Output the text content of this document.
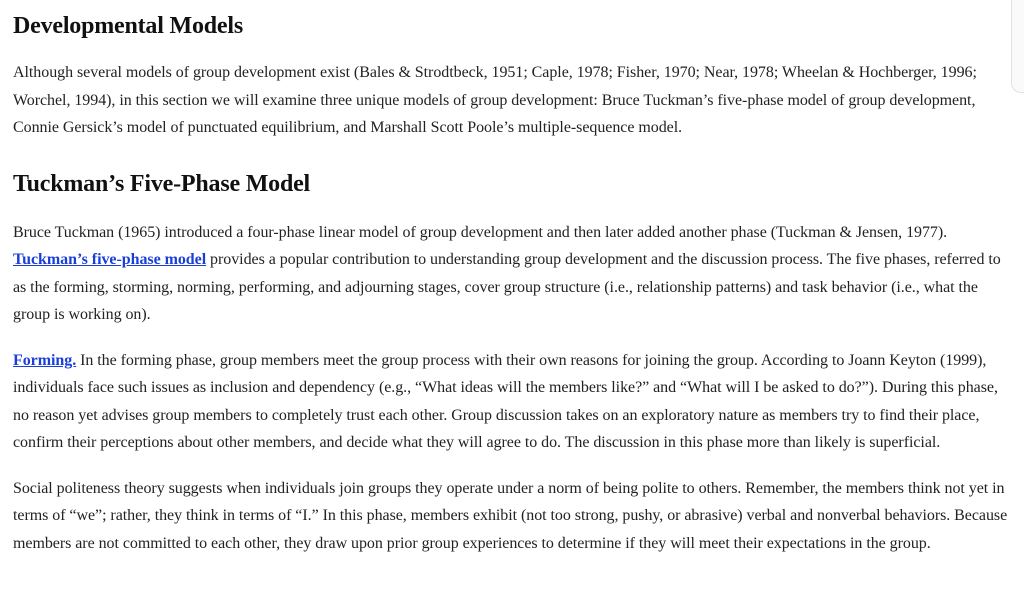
Developmental Models

Although several models of group development exist (Bales & Strodtbeck, 1951; Caple, 1978; Fisher, 1970; Near, 1978; Wheelan & Hochberger, 1996; Worchel, 1994), in this section we will examine three unique models of group development: Bruce Tuckman’s five-phase model of group development, Connie Gersick’s model of punctuated equilibrium, and Marshall Scott Poole’s multiple-sequence model.

Tuckman’s Five-Phase Model

Bruce Tuckman (1965) introduced a four-phase linear model of group development and then later added another phase (Tuckman & Jensen, 1977). Tuckman’s five-phase model provides a popular contribution to understanding group development and the discussion process. The five phases, referred to as the forming, storming, norming, performing, and adjourning stages, cover group structure (i.e., relationship patterns) and task behavior (i.e., what the group is working on).

Forming. In the forming phase, group members meet the group process with their own reasons for joining the group. According to Joann Keyton (1999), individuals face such issues as inclusion and dependency (e.g., “What ideas will the members like?” and “What will I be asked to do?”). During this phase, no reason yet advises group members to completely trust each other. Group discussion takes on an exploratory nature as members try to find their place, confirm their perceptions about other members, and decide what they will agree to do. The discussion in this phase more than likely is superficial.

Social politeness theory suggests when individuals join groups they operate under a norm of being polite to others. Remember, the members think not yet in terms of “we”; rather, they think in terms of “I.” In this phase, members exhibit (not too strong, pushy, or abrasive) verbal and nonverbal behaviors. Because members are not committed to each other, they draw upon prior group experiences to determine if they will meet their expectations in the group.
